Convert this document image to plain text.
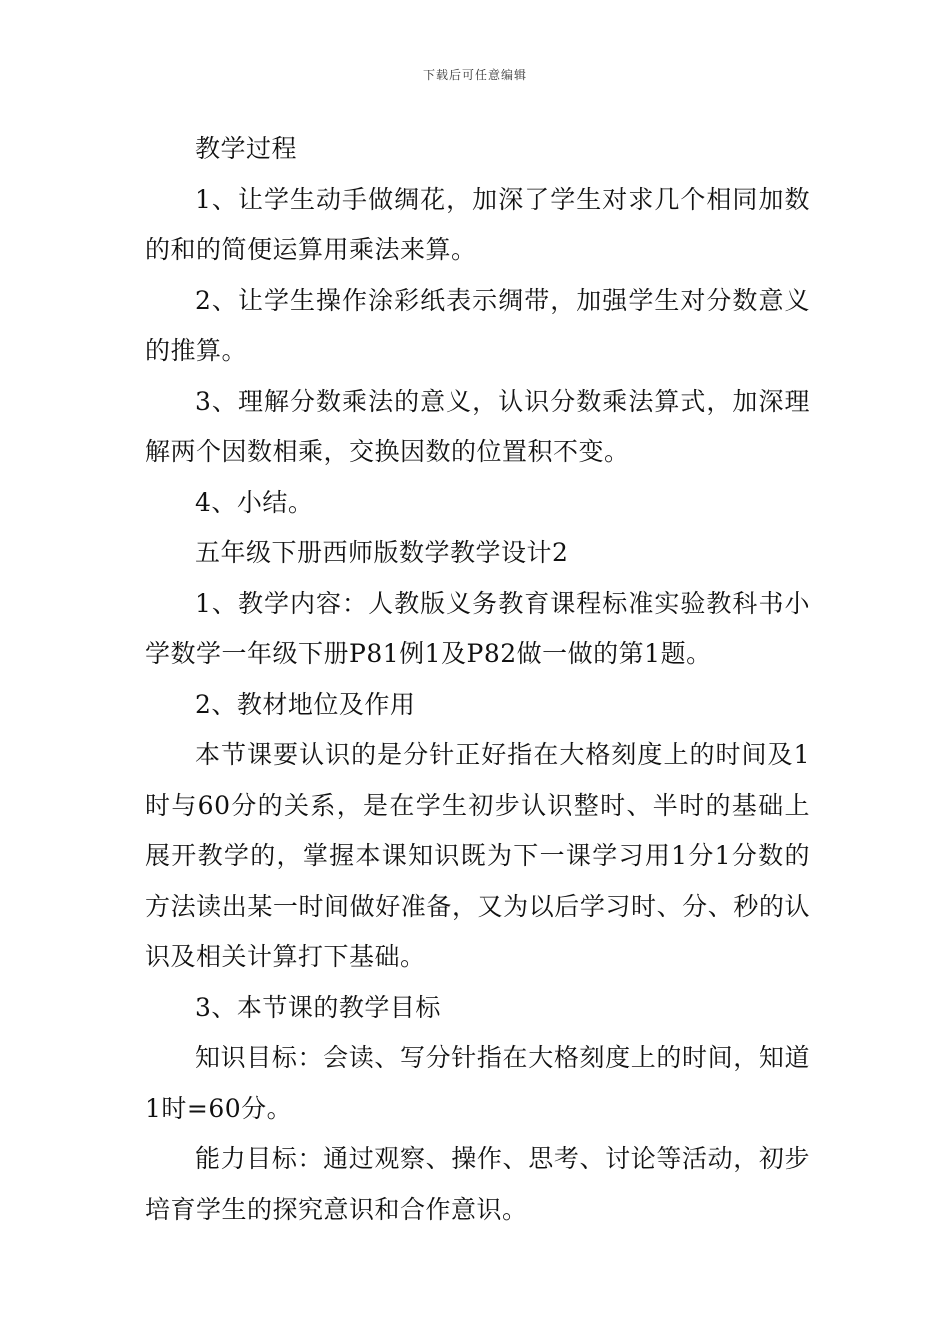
下载后可任意编辑

教学过程

1、让学生动手做绸花，加深了学生对求几个相同加数的和的简便运算用乘法来算。

2、让学生操作涂彩纸表示绸带，加强学生对分数意义的推算。

3、理解分数乘法的意义，认识分数乘法算式，加深理解两个因数相乘，交换因数的位置积不变。

4、小结。

五年级下册西师版数学教学设计2

1、教学内容：人教版义务教育课程标准实验教科书小学数学一年级下册P81例1及P82做一做的第1题。

2、教材地位及作用

本节课要认识的是分针正好指在大格刻度上的时间及1时与60分的关系，是在学生初步认识整时、半时的基础上展开教学的，掌握本课知识既为下一课学习用1分1分数的方法读出某一时间做好准备，又为以后学习时、分、秒的认识及相关计算打下基础。

3、本节课的教学目标

知识目标：会读、写分针指在大格刻度上的时间，知道1时=60分。

能力目标：通过观察、操作、思考、讨论等活动，初步培育学生的探究意识和合作意识。
